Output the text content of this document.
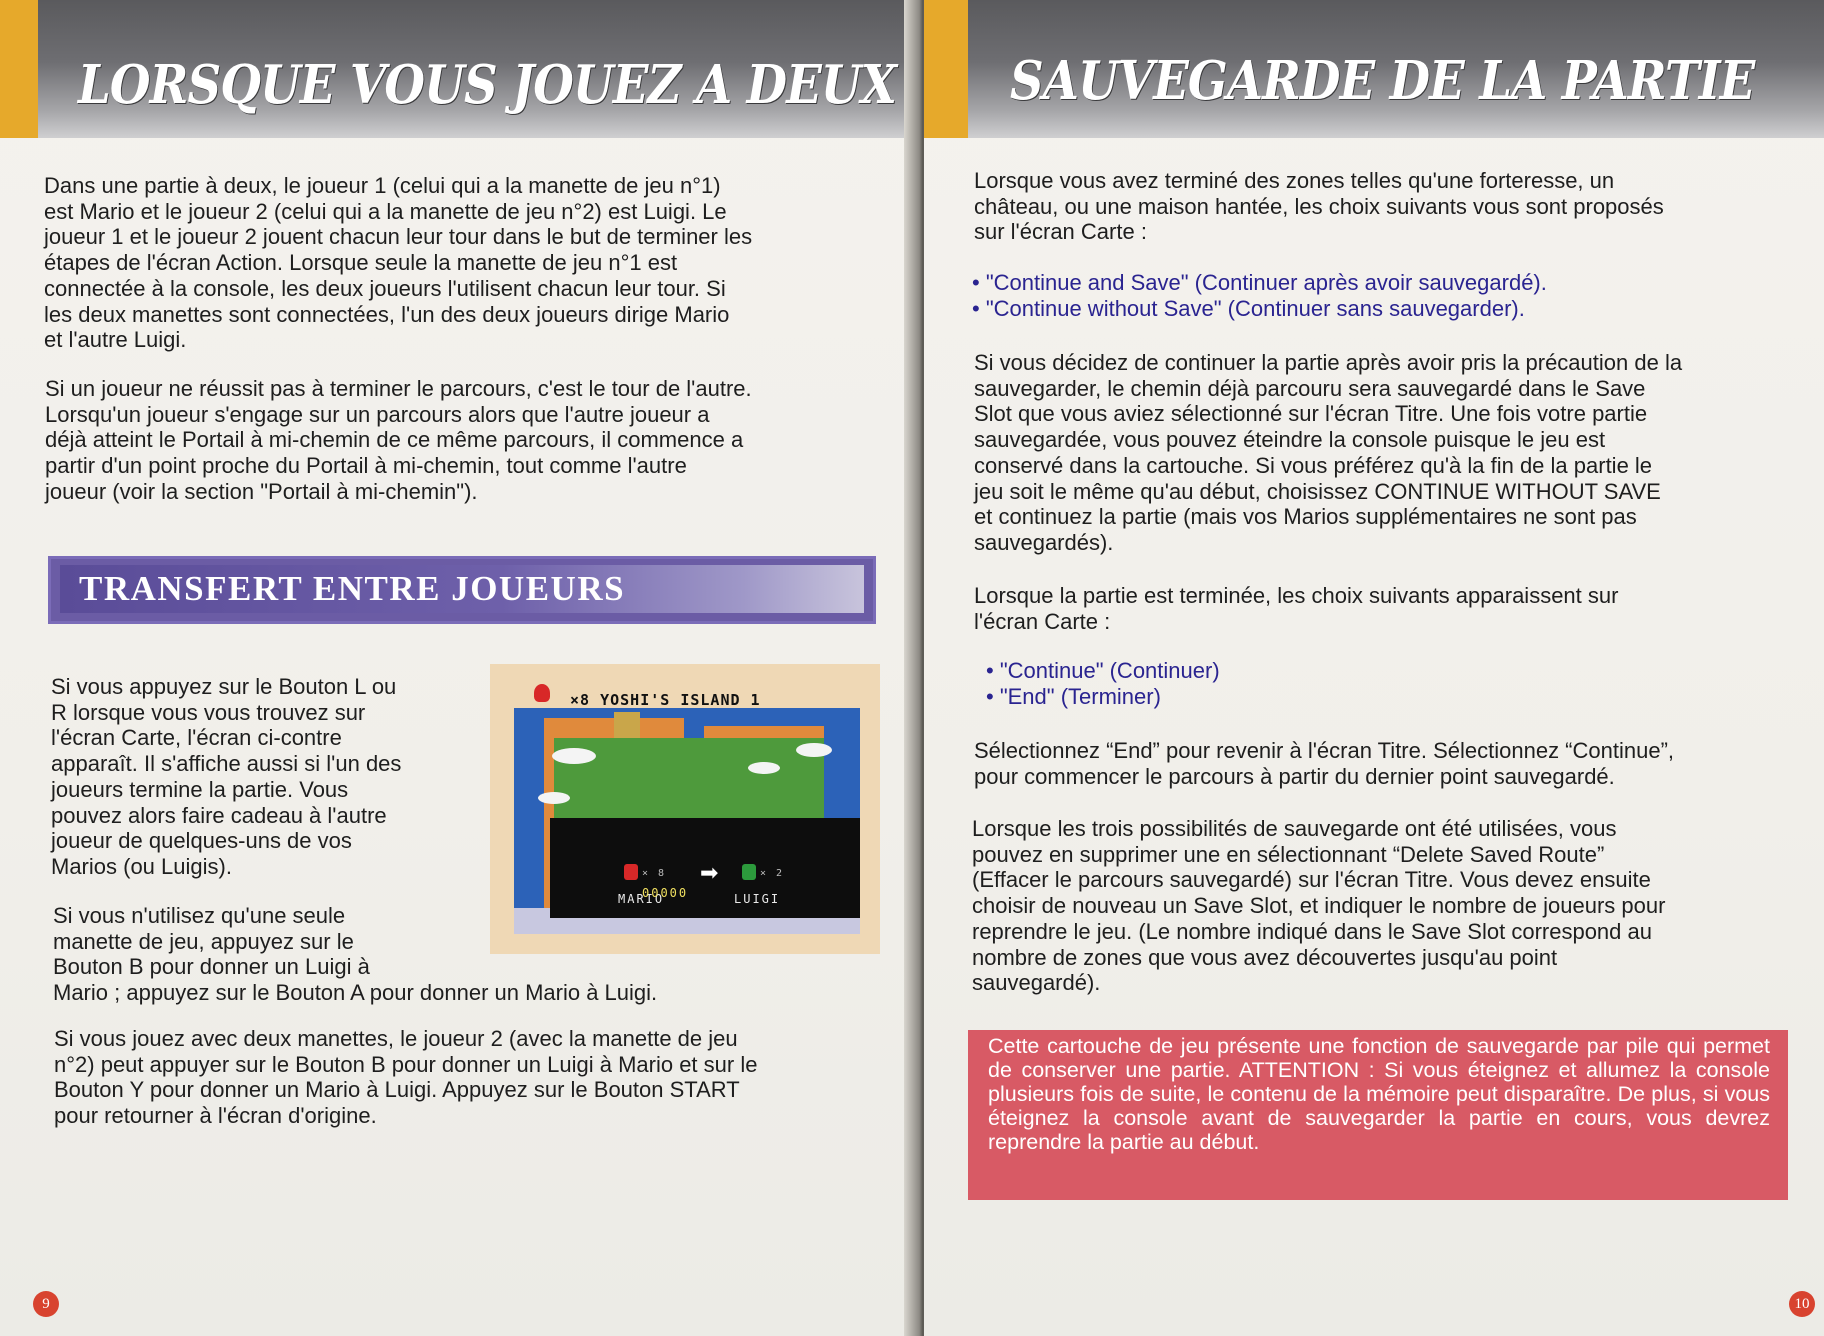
LORSQUE VOUS JOUEZ A DEUX

Dans une partie à deux, le joueur 1 (celui qui a la manette de jeu n°1)

est Mario et le joueur 2 (celui qui a la manette de jeu n°2) est Luigi. Le

joueur 1 et le joueur 2 jouent chacun leur tour dans le but de terminer les

étapes de l'écran Action. Lorsque seule la manette de jeu n°1 est

connectée à la console, les deux joueurs l'utilisent chacun leur tour. Si

les deux manettes sont connectées, l'un des deux joueurs dirige Mario

et l'autre Luigi.

Si un joueur ne réussit pas à terminer le parcours, c'est le tour de l'autre.

Lorsqu'un joueur s'engage sur un parcours alors que l'autre joueur a

déjà atteint le Portail à mi-chemin de ce même parcours, il commence a

partir d'un point proche du Portail à mi-chemin, tout comme l'autre

joueur (voir la section "Portail à mi-chemin").

TRANSFERT ENTRE JOUEURS

Si vous appuyez sur le Bouton L ou

R lorsque vous vous trouvez sur

l'écran Carte, l'écran ci-contre

apparaît. Il s'affiche aussi si l'un des

joueurs termine la partie. Vous

pouvez alors faire cadeau à l'autre

joueur de quelques-uns de vos

Marios (ou Luigis).

Si vous n'utilisez qu'une seule

manette de jeu, appuyez sur le

Bouton B pour donner un Luigi à

Mario ; appuyez sur le Bouton A pour donner un Mario à Luigi.

Si vous jouez avec deux manettes, le joueur 2 (avec la manette de jeu

n°2) peut appuyer sur le Bouton B pour donner un Luigi à Mario et sur le

Bouton Y pour donner un Mario à Luigi. Appuyez sur le Bouton START

pour retourner à l'écran d'origine.

× 8 ➡	× 2
MARIO	LUIGI
00000
×8 YOSHI'S ISLAND 1
9
SAUVEGARDE DE LA PARTIE

Lorsque vous avez terminé des zones telles qu'une forteresse, un

château, ou une maison hantée, les choix suivants vous sont proposés

sur l'écran Carte :

• "Continue and Save" (Continuer après avoir sauvegardé).
• "Continue without Save" (Continuer sans sauvegarder).

Si vous décidez de continuer la partie après avoir pris la précaution de la

sauvegarder, le chemin déjà parcouru sera sauvegardé dans le Save

Slot que vous aviez sélectionné sur l'écran Titre. Une fois votre partie

sauvegardée, vous pouvez éteindre la console puisque le jeu est

conservé dans la cartouche. Si vous préférez qu'à la fin de la partie le

jeu soit le même qu'au début, choisissez CONTINUE WITHOUT SAVE

et continuez la partie (mais vos Marios supplémentaires ne sont pas

sauvegardés).

Lorsque la partie est terminée, les choix suivants apparaissent sur

l'écran Carte :

• "Continue" (Continuer)
• "End" (Terminer)

Sélectionnez “End” pour revenir à l'écran Titre. Sélectionnez “Continue”,

pour commencer le parcours à partir du dernier point sauvegardé.

Lorsque les trois possibilités de sauvegarde ont été utilisées, vous

pouvez en supprimer une en sélectionnant “Delete Saved Route”

(Effacer le parcours sauvegardé) sur l'écran Titre. Vous devez ensuite

choisir de nouveau un Save Slot, et indiquer le nombre de joueurs pour

reprendre le jeu. (Le nombre indiqué dans le Save Slot correspond au

nombre de zones que vous avez découvertes jusqu'au point

sauvegardé).

Cette cartouche de jeu présente une fonction de sauvegarde par pile qui permet de conserver une partie. ATTENTION : Si vous éteignez et allumez la console plusieurs fois de suite, le contenu de la mémoire peut disparaître. De plus, si vous éteignez la console avant de sauvegarder la partie en cours, vous devrez reprendre la partie au début.

10
